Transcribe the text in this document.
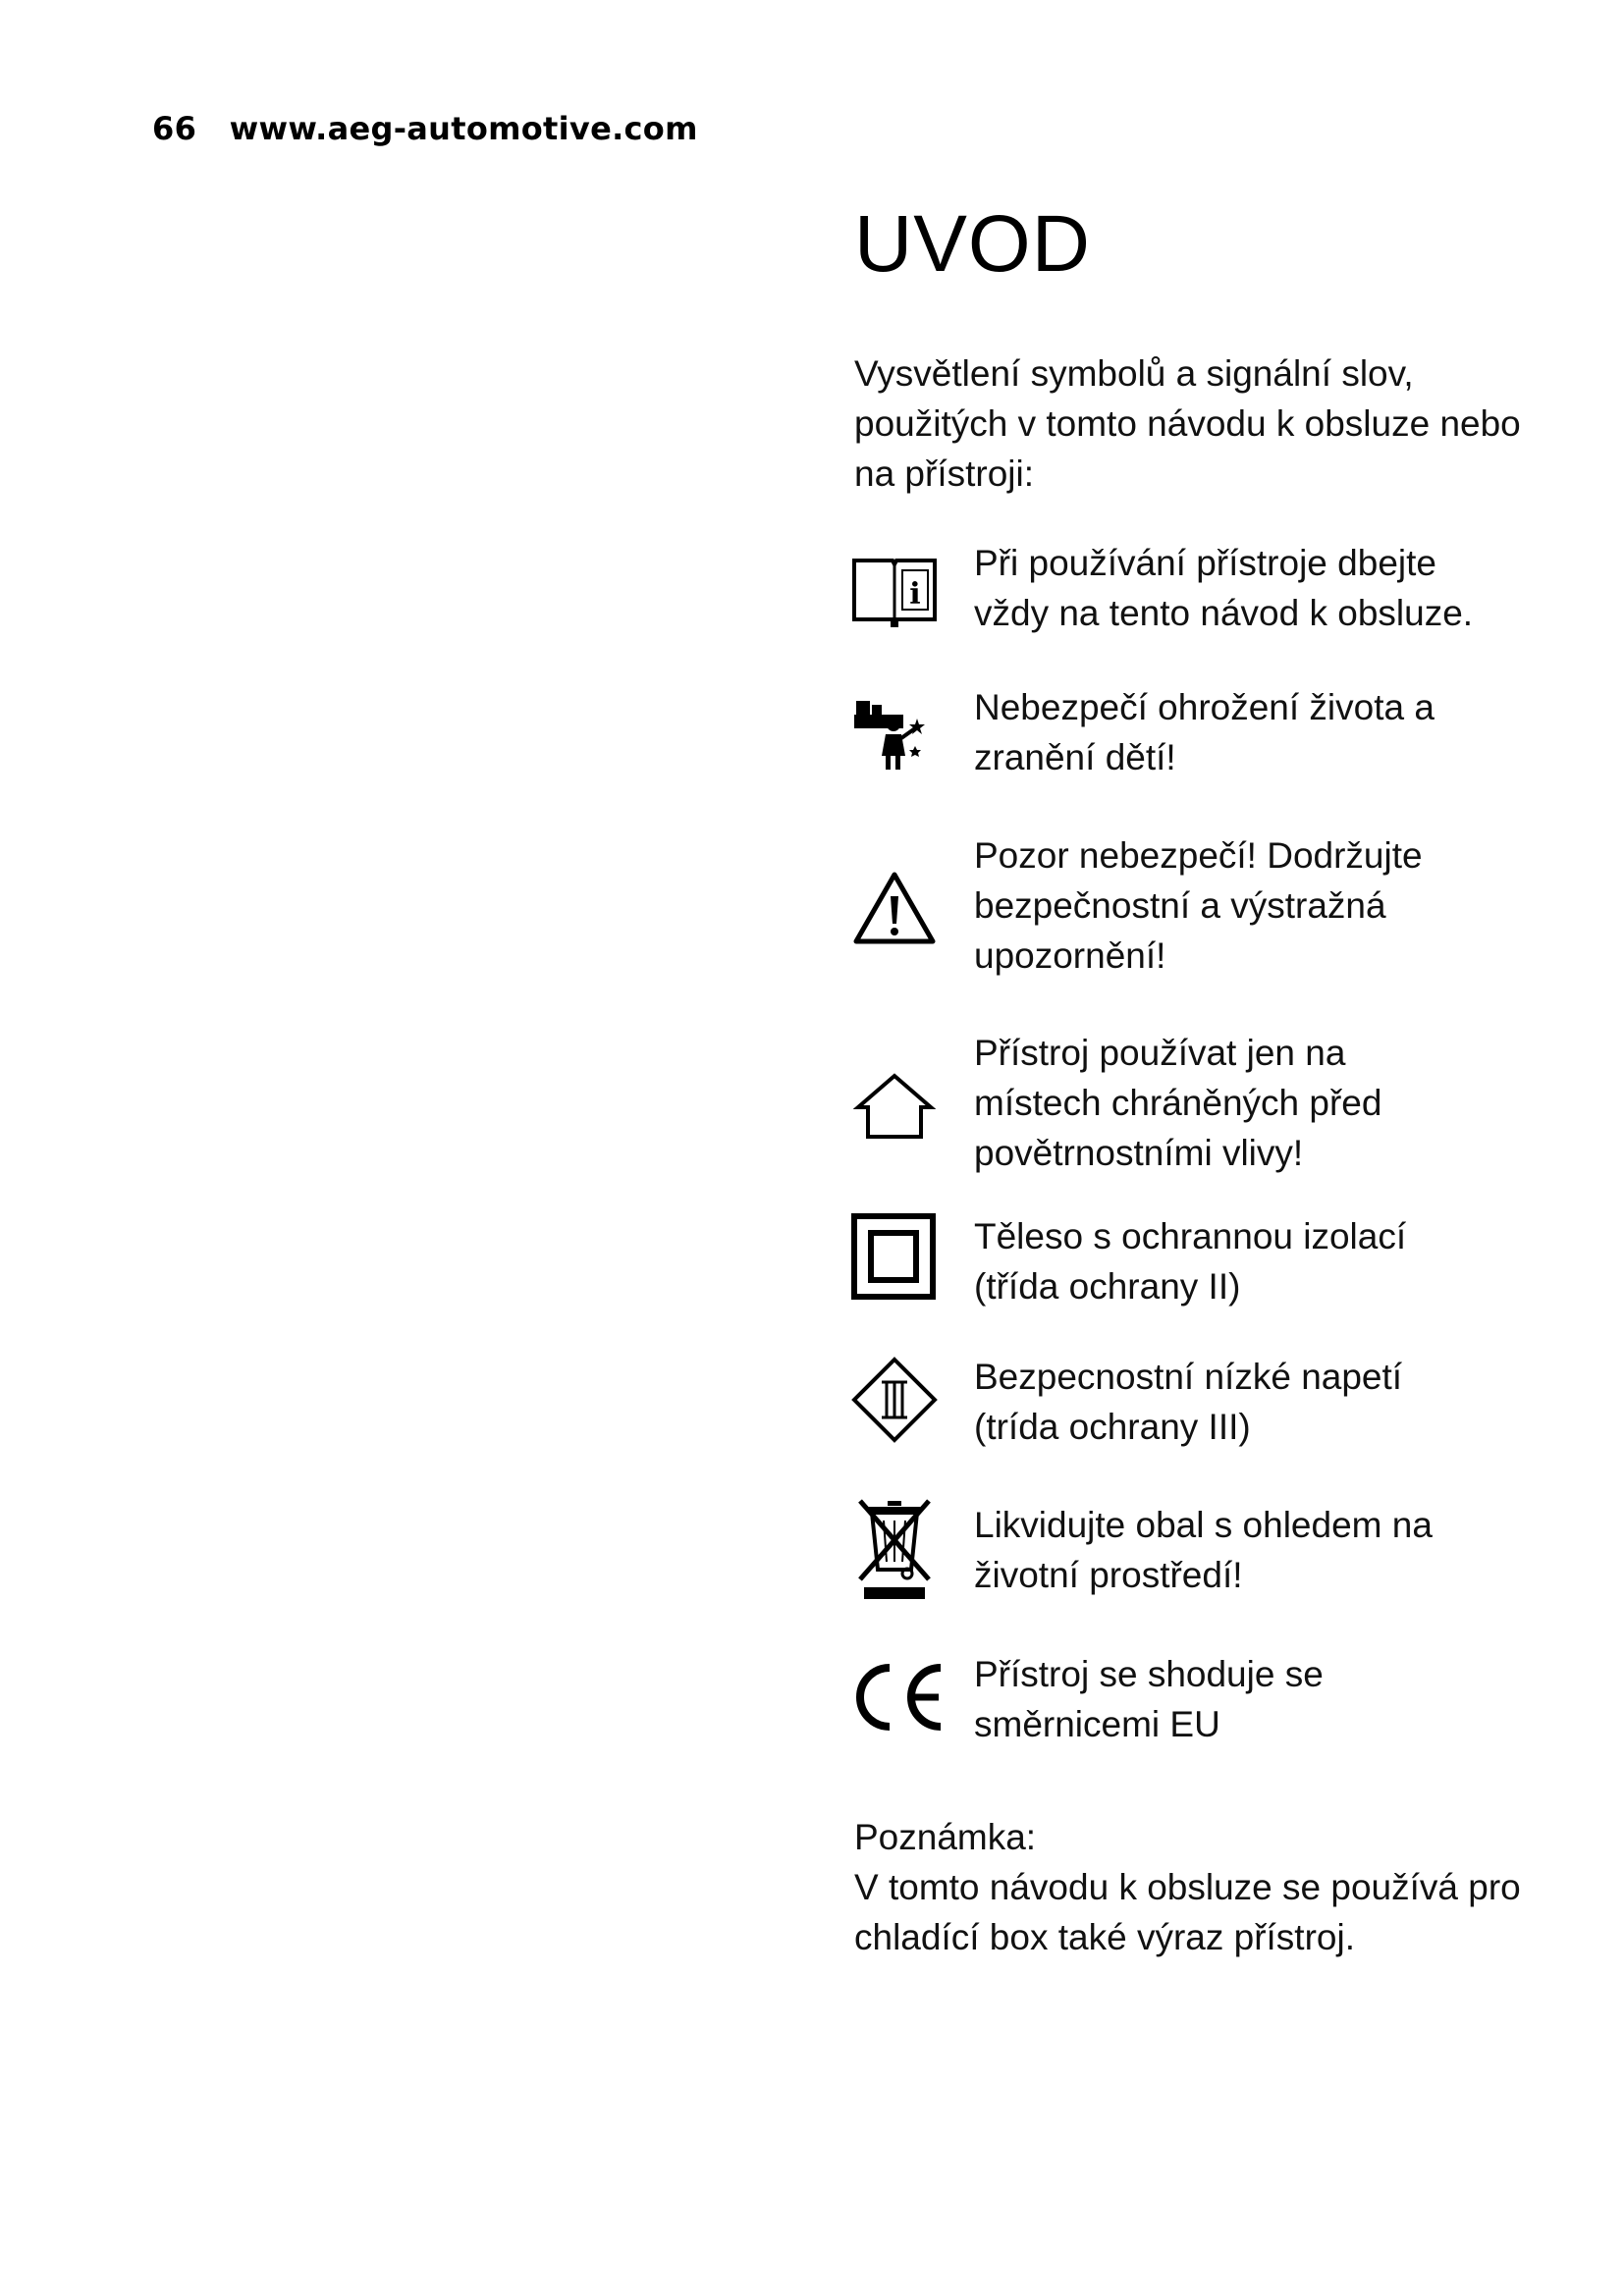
66 www.aeg-automotive.com
UVOD
Vysvětlení symbolů a signální slov, použitých v tomto návodu k obsluze nebo na přístroji:
i
Při používání přístroje dbejte
vždy na tento návod k obsluze.
Nebezpečí ohrožení života a
zranění dětí!
Pozor nebezpečí! Dodržujte
bezpečnostní a výstražná
upozornění!
Přístroj používat jen na
místech chráněných před
povětrnostními vlivy!
Těleso s ochrannou izolací
(třída ochrany II)
Bezpecnostní nízké napetí
(trída ochrany III)
Likvidujte obal s ohledem na
životní prostředí!
Přístroj se shoduje se
směrnicemi EU
Poznámka:
V tomto návodu k obsluze se používá pro chladící box také výraz přístroj.
